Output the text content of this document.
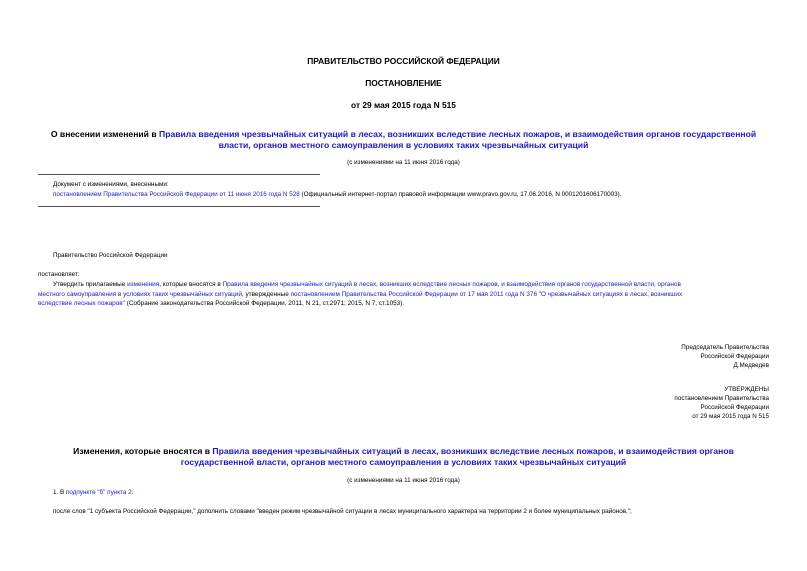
ПРАВИТЕЛЬСТВО РОССИЙСКОЙ ФЕДЕРАЦИИ
ПОСТАНОВЛЕНИЕ
от 29 мая 2015 года N 515
О внесении изменений в Правила введения чрезвычайных ситуаций в лесах, возникших вследствие лесных пожаров, и взаимодействия органов государственной
власти, органов местного самоуправления в условиях таких чрезвычайных ситуаций
(с изменениями на 11 июня 2016 года)
Документ с изменениями, внесенными:
постановлением Правительства Российской Федерации от 11 июня 2016 года N 528 (Официальный интернет-портал правовой информации www.pravo.gov.ru, 17.06.2016, N 0001201606170003).
Правительство Российской Федерации
постановляет:
Утвердить прилагаемые изменения, которые вносятся в Правила введения чрезвычайных ситуаций в лесах, возникших вследствие лесных пожаров, и взаимодействия органов государственной власти, органов
местного самоуправления в условиях таких чрезвычайных ситуаций, утвержденные постановлением Правительства Российской Федерации от 17 мая 2011 года N 376 "О чрезвычайных ситуациях в лесах, возникших
вследствие лесных пожаров" (Собрание законодательства Российской Федерации, 2011, N 21, ст.2971; 2015, N 7, ст.1053).
Председатель Правительства
Российской Федерации
Д.Медведев
УТВЕРЖДЕНЫ
постановлением Правительства
Российской Федерации
от 29 мая 2015 года N 515
Изменения, которые вносятся в Правила введения чрезвычайных ситуаций в лесах, возникших вследствие лесных пожаров, и взаимодействия органов
государственной власти, органов местного самоуправления в условиях таких чрезвычайных ситуаций
(с изменениями на 11 июня 2016 года)
1. В подпункте "б" пункта 2:
после слов "1 субъекта Российской Федерации," дополнить словами "введен режим чрезвычайной ситуации в лесах муниципального характера на территории 2 и более муниципальных районов,";
